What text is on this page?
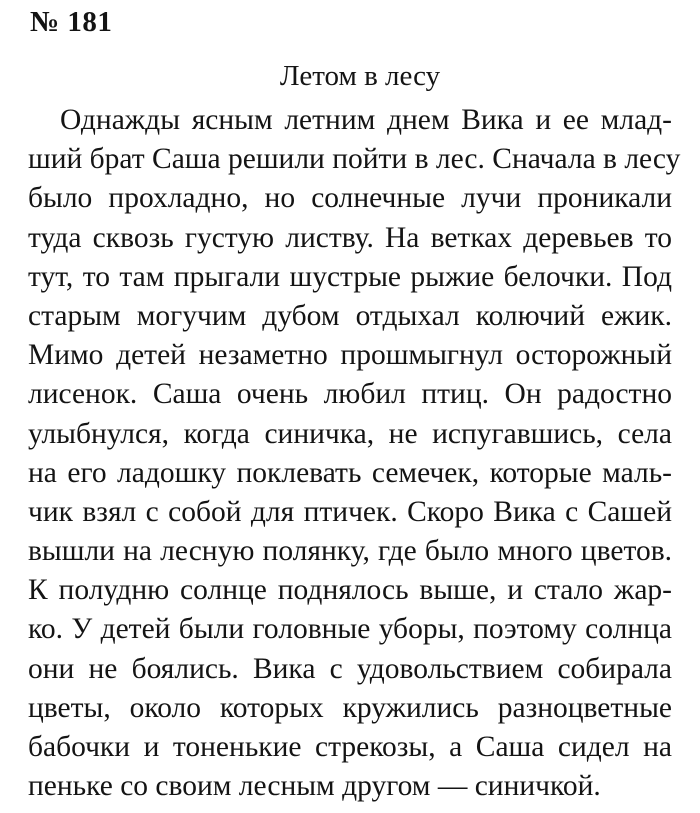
№ 181
Летом в лесу

Однажды ясным летним днем Вика и ее млад-
ший брат Саша решили пойти в лес. Сначала в лесу
было прохладно, но солнечные лучи проникали
туда сквозь густую листву. На ветках деревьев то
тут, то там прыгали шустрые рыжие белочки. Под
старым могучим дубом отдыхал колючий ежик.
Мимо детей незаметно прошмыгнул осторожный
лисенок. Саша очень любил птиц. Он радостно
улыбнулся, когда синичка, не испугавшись, села
на его ладошку поклевать семечек, которые маль-
чик взял с собой для птичек. Скоро Вика с Сашей
вышли на лесную полянку, где было много цветов.
К полудню солнце поднялось выше, и стало жар-
ко. У детей были головные уборы, поэтому солнца
они не боялись. Вика с удовольствием собирала
цветы, около которых кружились разноцветные
бабочки и тоненькие стрекозы, а Саша сидел на
пеньке со своим лесным другом — синичкой.
